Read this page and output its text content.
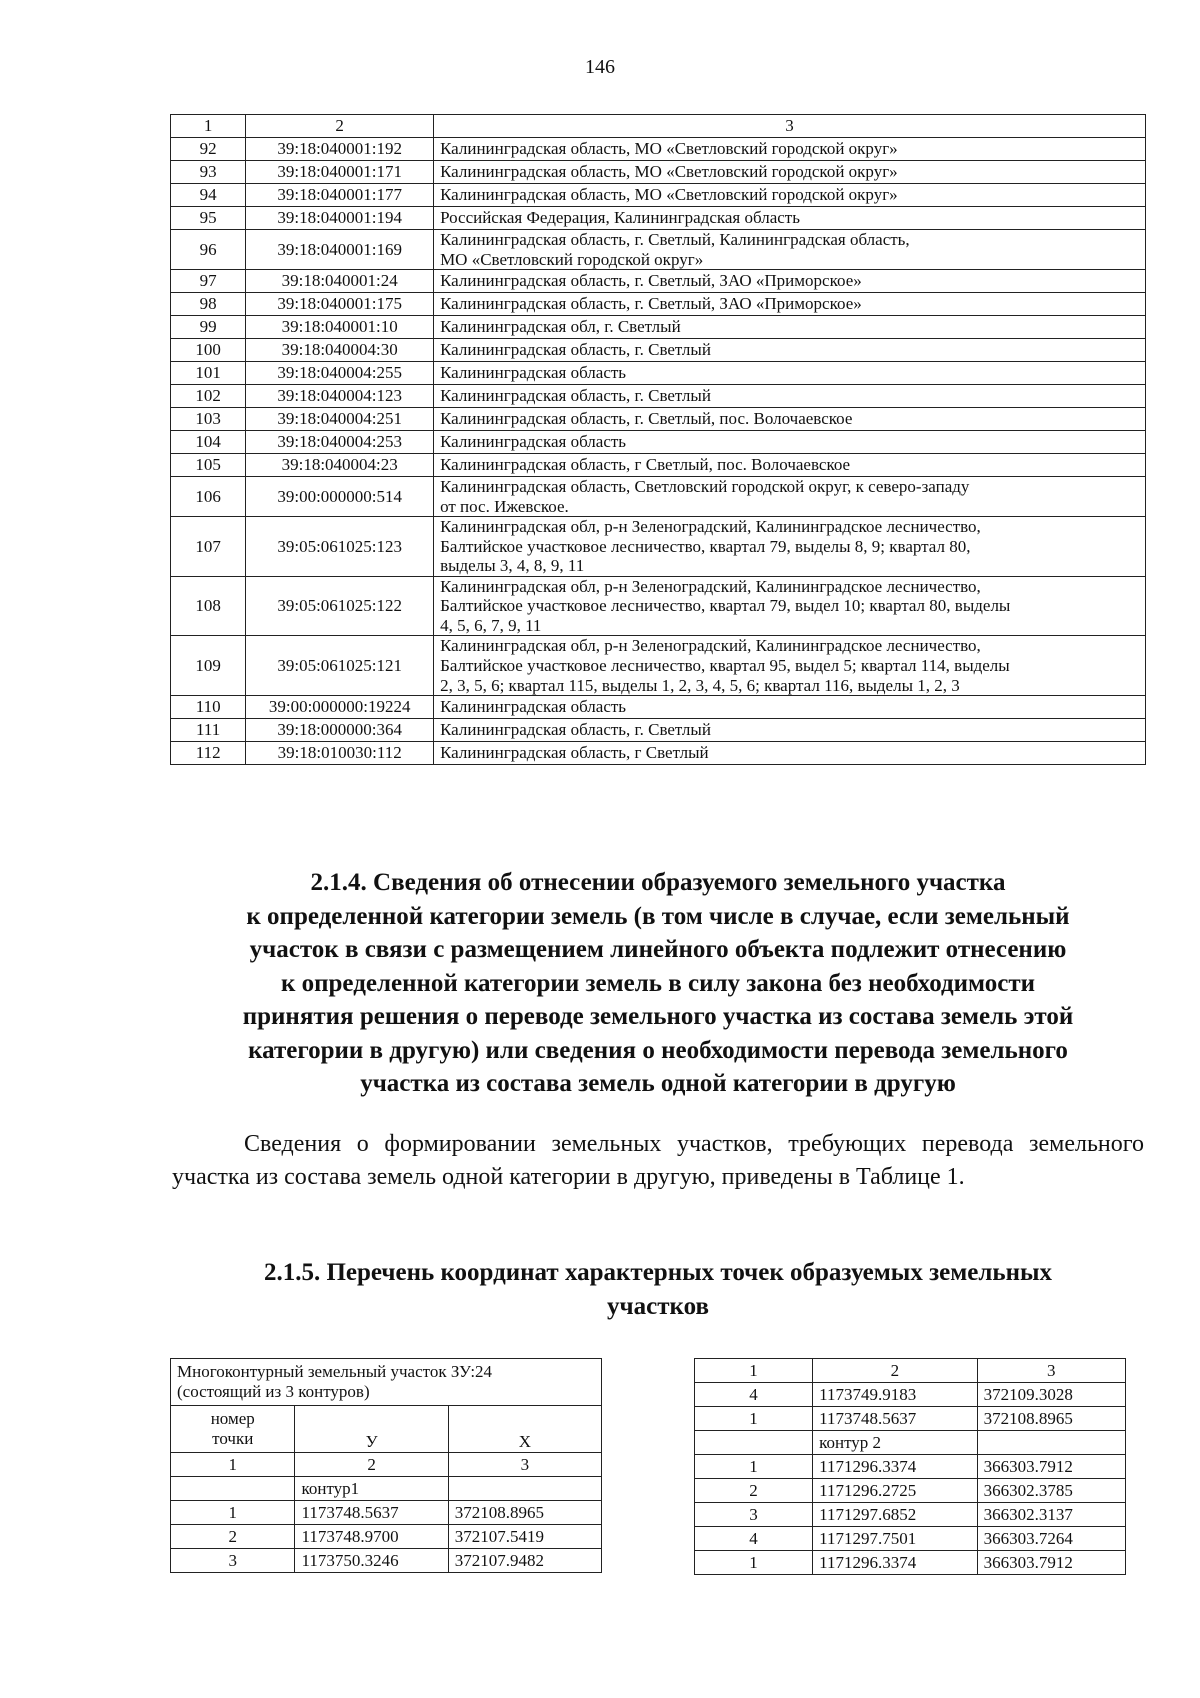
146
1	2	3
92	39:18:040001:192	Калининградская область, МО «Светловский городской округ»
93	39:18:040001:171	Калининградская область, МО «Светловский городской округ»
94	39:18:040001:177	Калининградская область, МО «Светловский городской округ»
95	39:18:040001:194	Российская Федерация, Калининградская область
96	39:18:040001:169	Калининградская область, г. Светлый, Калининградская область,
МО «Светловский городской округ»
97	39:18:040001:24	Калининградская область, г. Светлый, ЗАО «Приморское»
98	39:18:040001:175	Калининградская область, г. Светлый, ЗАО «Приморское»
99	39:18:040001:10	Калининградская обл, г. Светлый
100	39:18:040004:30	Калининградская область, г. Светлый
101	39:18:040004:255	Калининградская область
102	39:18:040004:123	Калининградская область, г. Светлый
103	39:18:040004:251	Калининградская область, г. Светлый, пос. Волочаевское
104	39:18:040004:253	Калининградская область
105	39:18:040004:23	Калининградская область, г Светлый, пос. Волочаевское
106	39:00:000000:514	Калининградская область, Светловский городской округ, к северо-западу
от пос. Ижевское.
107	39:05:061025:123	Калининградская обл, р-н Зеленоградский, Калининградское лесничество,
Балтийское участковое лесничество, квартал 79, выделы 8, 9; квартал 80,
выделы 3, 4, 8, 9, 11
108	39:05:061025:122	Калининградская обл, р-н Зеленоградский, Калининградское лесничество,
Балтийское участковое лесничество, квартал 79, выдел 10; квартал 80, выделы
4, 5, 6, 7, 9, 11
109	39:05:061025:121	Калининградская обл, р-н Зеленоградский, Калининградское лесничество,
Балтийское участковое лесничество, квартал 95, выдел 5; квартал 114, выделы
2, 3, 5, 6; квартал 115, выделы 1, 2, 3, 4, 5, 6; квартал 116, выделы 1, 2, 3
110	39:00:000000:19224	Калининградская область
111	39:18:000000:364	Калининградская область, г. Светлый
112	39:18:010030:112	Калининградская область, г Светлый
2.1.4. Сведения об отнесении образуемого земельного участка
к определенной категории земель (в том числе в случае, если земельный
участок в связи с размещением линейного объекта подлежит отнесению
к определенной категории земель в силу закона без необходимости
принятия решения о переводе земельного участка из состава земель этой
категории в другую) или сведения о необходимости перевода земельного
участка из состава земель одной категории в другую
Сведения о формировании земельных участков, требующих перевода земельного участка из состава земель одной категории в другую, приведены в Таблице 1.
2.1.5. Перечень координат характерных точек образуемых земельных
участков
Многоконтурный земельный участок ЗУ:24
(состоящий из 3 контуров)		
номер
точки	У	Х
1	2	3
	контур1	
1	1173748.5637	372108.8965
2	1173748.9700	372107.5419
3	1173750.3246	372107.9482
1	2	3
4	1173749.9183	372109.3028
1	1173748.5637	372108.8965
	контур 2	
1	1171296.3374	366303.7912
2	1171296.2725	366302.3785
3	1171297.6852	366302.3137
4	1171297.7501	366303.7264
1	1171296.3374	366303.7912
